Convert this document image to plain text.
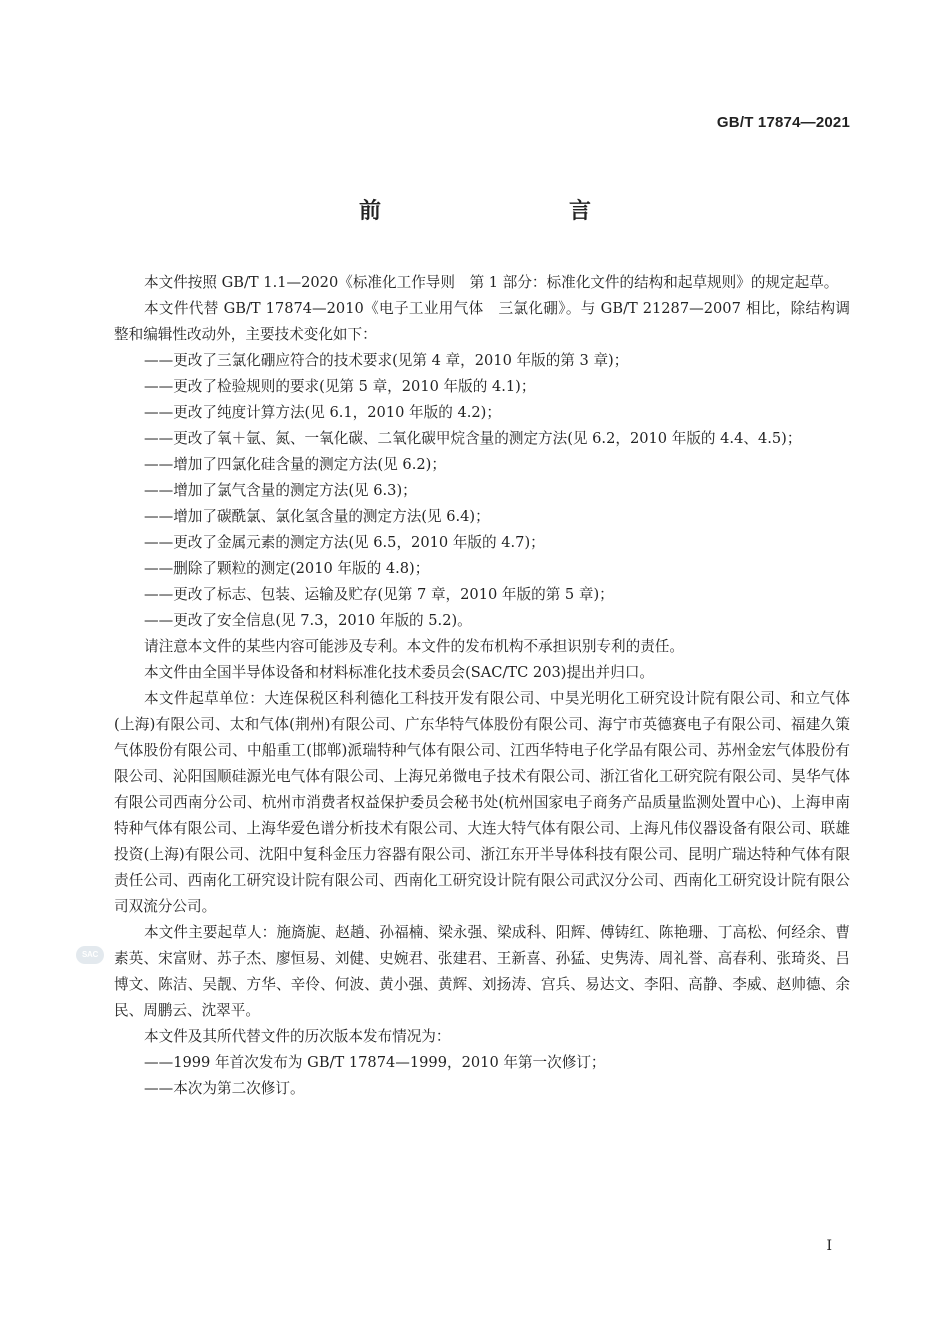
GB/T 17874—2021
前　　言

本文件按照 GB/T 1.1—2020《标准化工作导则　第 1 部分：标准化文件的结构和起草规则》的规定起草。

本文件代替 GB/T 17874—2010《电子工业用气体　三氯化硼》。与 GB/T 21287—2007 相比，除结构调整和编辑性改动外，主要技术变化如下：

——更改了三氯化硼应符合的技术要求(见第 4 章，2010 年版的第 3 章)；

——更改了检验规则的要求(见第 5 章，2010 年版的 4.1)；

——更改了纯度计算方法(见 6.1，2010 年版的 4.2)；

——更改了氧＋氩、氮、一氧化碳、二氧化碳甲烷含量的测定方法(见 6.2，2010 年版的 4.4、4.5)；

——增加了四氯化硅含量的测定方法(见 6.2)；

——增加了氯气含量的测定方法(见 6.3)；

——增加了碳酰氯、氯化氢含量的测定方法(见 6.4)；

——更改了金属元素的测定方法(见 6.5，2010 年版的 4.7)；

——删除了颗粒的测定(2010 年版的 4.8)；

——更改了标志、包装、运输及贮存(见第 7 章，2010 年版的第 5 章)；

——更改了安全信息(见 7.3，2010 年版的 5.2)。

请注意本文件的某些内容可能涉及专利。本文件的发布机构不承担识别专利的责任。

本文件由全国半导体设备和材料标准化技术委员会(SAC/TC 203)提出并归口。

本文件起草单位：大连保税区科利德化工科技开发有限公司、中昊光明化工研究设计院有限公司、和立气体(上海)有限公司、太和气体(荆州)有限公司、广东华特气体股份有限公司、海宁市英德赛电子有限公司、福建久策气体股份有限公司、中船重工(邯郸)派瑞特种气体有限公司、江西华特电子化学品有限公司、苏州金宏气体股份有限公司、沁阳国顺硅源光电气体有限公司、上海兄弟微电子技术有限公司、浙江省化工研究院有限公司、昊华气体有限公司西南分公司、杭州市消费者权益保护委员会秘书处(杭州国家电子商务产品质量监测处置中心)、上海申南特种气体有限公司、上海华爱色谱分析技术有限公司、大连大特气体有限公司、上海凡伟仪器设备有限公司、联雄投资(上海)有限公司、沈阳中复科金压力容器有限公司、浙江东开半导体科技有限公司、昆明广瑞达特种气体有限责任公司、西南化工研究设计院有限公司、西南化工研究设计院有限公司武汉分公司、西南化工研究设计院有限公司双流分公司。

本文件主要起草人：施旖旎、赵趟、孙福楠、梁永强、梁成科、阳辉、傅铸红、陈艳珊、丁高松、何经余、曹素英、宋富财、苏子杰、廖恒易、刘健、史婉君、张建君、王新喜、孙猛、史隽涛、周礼誉、高春利、张琦炎、吕博文、陈洁、吴靓、方华、辛伶、何波、黄小强、黄辉、刘扬涛、宫兵、易达文、李阳、高静、李威、赵帅德、余民、周鹏云、沈翠平。

本文件及其所代替文件的历次版本发布情况为：

——1999 年首次发布为 GB/T 17874—1999，2010 年第一次修订；

——本次为第二次修订。

SAC
I
